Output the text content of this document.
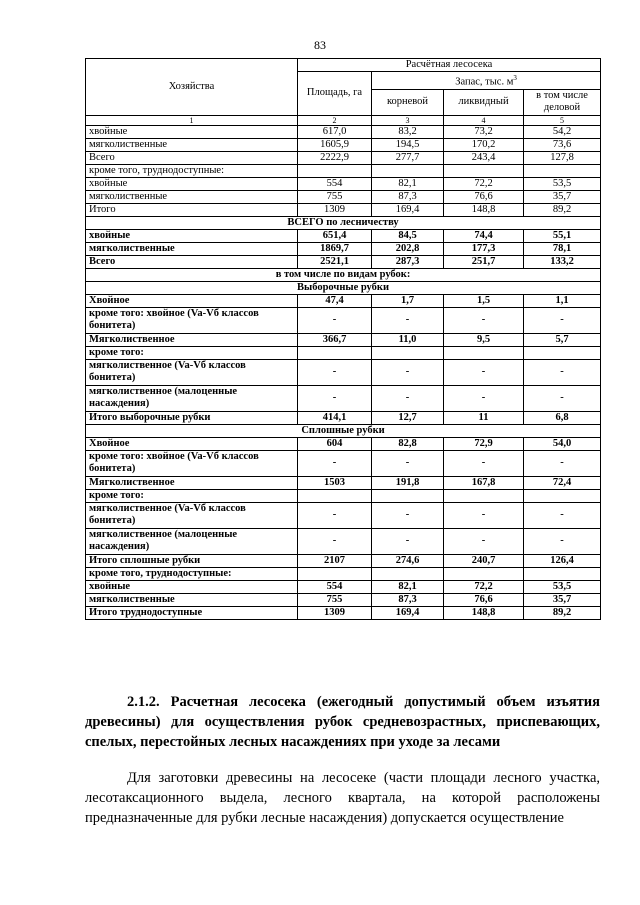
83
Хозяйства	Расчётная лесосека			
	Площадь, га	Запас, тыс. $м^3$
		корневой	ликвидный	в том числе деловой
1	2	3	4	5
хвойные	617,0	83,2	73,2	54,2
мягколиственные	1605,9	194,5	170,2	73,6
Всего	2222,9	277,7	243,4	127,8
кроме того, труднодоступные:				
хвойные	554	82,1	72,2	53,5
мягколиственные	755	87,3	76,6	35,7
Итого	1309	169,4	148,8	89,2
ВСЕГО по лесничеству				
хвойные	651,4	84,5	74,4	55,1
мягколиственные	1869,7	202,8	177,3	78,1
Всего	2521,1	287,3	251,7	133,2
в том числе по видам рубок:				
Выборочные рубки				
Хвойное	47,4	1,7	1,5	1,1
кроме того: хвойное (Va-Vб классов бонитета)	-	-	-	-
Мягколиственное	366,7	11,0	9,5	5,7
кроме того:				
мягколиственное (Va-Vб классов бонитета)	-	-	-	-
мягколиственное (малоценные насаждения)	-	-	-	-
Итого выборочные рубки	414,1	12,7	11	6,8
Сплошные рубки				
Хвойное	604	82,8	72,9	54,0
кроме того: хвойное (Va-Vб классов бонитета)	-	-	-	-
Мягколиственное	1503	191,8	167,8	72,4
кроме того:				
мягколиственное (Va-Vб классов бонитета)	-	-	-	-
мягколиственное (малоценные насаждения)	-	-	-	-
Итого сплошные рубки	2107	274,6	240,7	126,4
кроме того, труднодоступные:				
хвойные	554	82,1	72,2	53,5
мягколиственные	755	87,3	76,6	35,7
Итого труднодоступные	1309	169,4	148,8	89,2

2.1.2. Расчетная лесосека (ежегодный допустимый объем изъятия древесины) для осуществления рубок средневозрастных, приспевающих, спелых, перестойных лесных насаждениях при уходе за лесами

Для заготовки древесины на лесосеке (части площади лесного участка, лесотаксационного выдела, лесного квартала, на которой расположены предназначенные для рубки лесные насаждения) допускается осуществление
